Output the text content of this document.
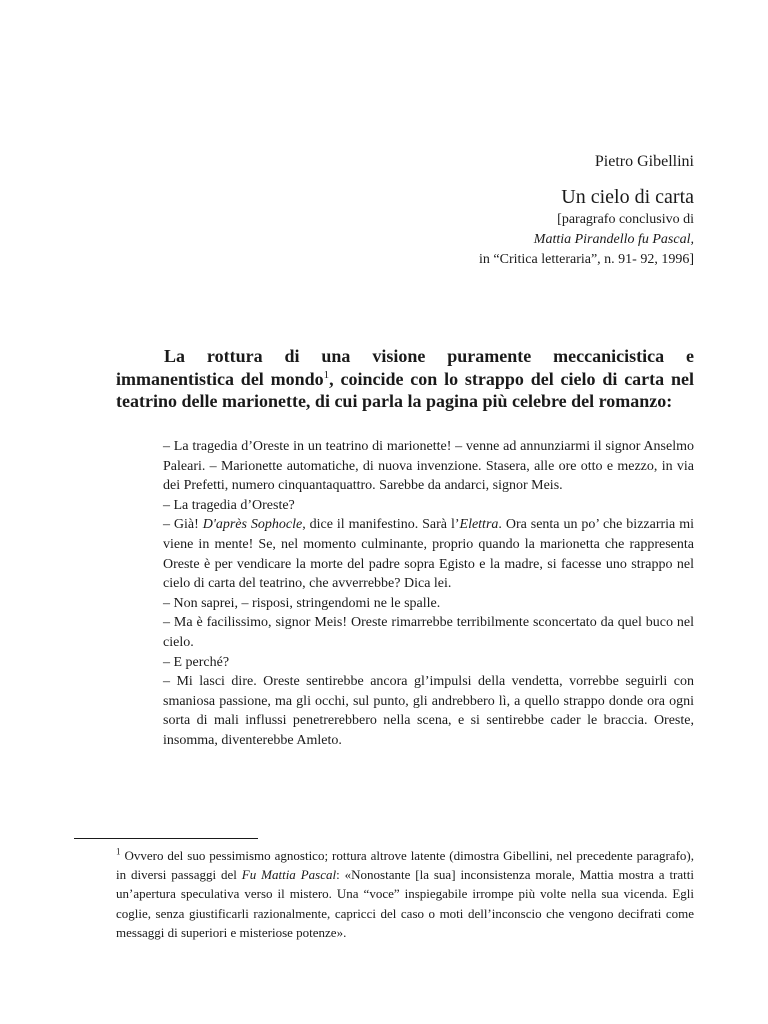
Pietro Gibellini
Un cielo di carta
[paragrafo conclusivo di
Mattia Pirandello fu Pascal,
in “Critica letteraria”, n. 91- 92, 1996]
La rottura di una visione puramente meccanicistica e immanentistica del mondo$^1$, coincide con lo strappo del cielo di carta nel teatrino delle marionette, di cui parla la pagina più celebre del romanzo:

– La tragedia d’Oreste in un teatrino di marionette! – venne ad annunziarmi il signor Anselmo Paleari. – Marionette automatiche, di nuova invenzione. Stasera, alle ore otto e mezzo, in via dei Prefetti, numero cinquantaquattro. Sarebbe da andarci, signor Meis.

– La tragedia d’Oreste?

– Già! D'après Sophocle, dice il manifestino. Sarà l’Elettra. Ora senta un po’ che bizzarria mi viene in mente! Se, nel momento culminante, proprio quando la marionetta che rappresenta Oreste è per vendicare la morte del padre sopra Egisto e la madre, si facesse uno strappo nel cielo di carta del teatrino, che avverrebbe? Dica lei.

– Non saprei, – risposi, stringendomi ne le spalle.

– Ma è facilissimo, signor Meis! Oreste rimarrebbe terribilmente sconcertato da quel buco nel cielo.

– E perché?

– Mi lasci dire. Oreste sentirebbe ancora gl’impulsi della vendetta, vorrebbe seguirli con smaniosa passione, ma gli occhi, sul punto, gli andrebbero lì, a quello strappo donde ora ogni sorta di mali influssi penetrerebbero nella scena, e si sentirebbe cader le braccia. Oreste, insomma, diventerebbe Amleto.

$^1$ Ovvero del suo pessimismo agnostico; rottura altrove latente (dimostra Gibellini, nel precedente paragrafo), in diversi passaggi del Fu Mattia Pascal: «Nonostante [la sua] inconsistenza morale, Mattia mostra a tratti un’apertura speculativa verso il mistero. Una “voce” inspiegabile irrompe più volte nella sua vicenda. Egli coglie, senza giustificarli razionalmente, capricci del caso o moti dell’inconscio che vengono decifrati come messaggi di superiori e misteriose potenze».
